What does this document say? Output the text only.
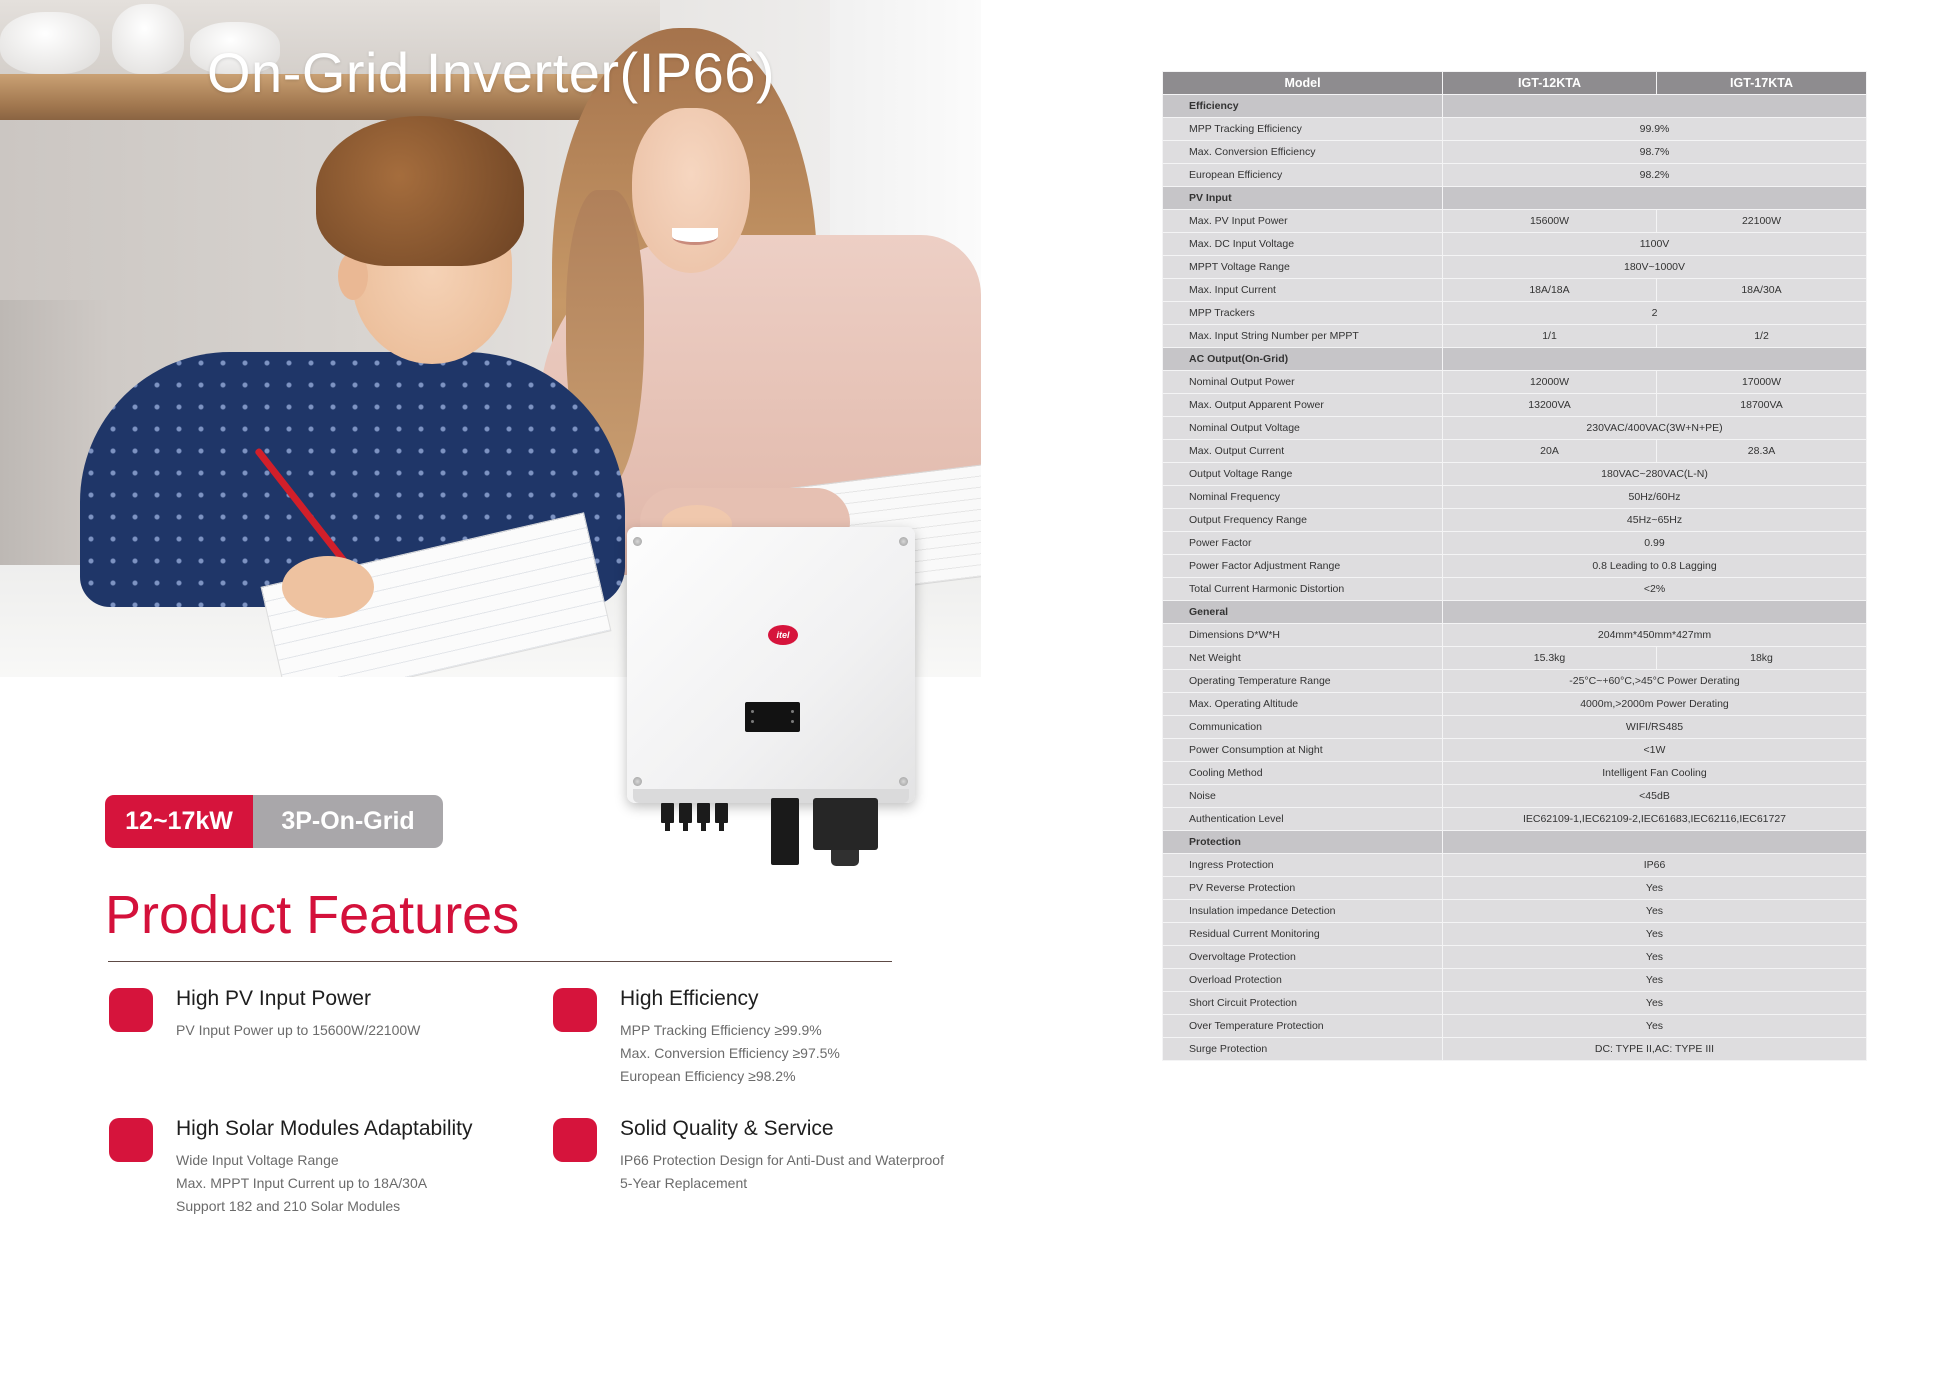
On-Grid Inverter(IP66)
itel
12~17kW	3P-On-Grid
Product Features
High PV Input Power
PV Input Power up to 15600W/22100W
High Efficiency
MPP Tracking Efficiency ≥99.9%
Max. Conversion Efficiency ≥97.5%
European Efficiency ≥98.2%
High Solar Modules Adaptability
Wide Input Voltage Range
Max. MPPT Input Current up to 18A/30A
Support 182 and 210 Solar Modules
Solid Quality & Service
IP66 Protection Design for Anti-Dust and Waterproof
5-Year Replacement
Model	IGT-12KTA	IGT-17KTA
Efficiency		
MPP Tracking Efficiency	99.9%	
Max. Conversion Efficiency	98.7%	
European Efficiency	98.2%	
PV Input		
Max. PV Input Power	15600W	22100W
Max. DC Input Voltage	1100V	
MPPT Voltage Range	180V~1000V	
Max. Input Current	18A/18A	18A/30A
MPP Trackers	2	
Max. Input String Number per MPPT	1/1	1/2
AC Output(On-Grid)		
Nominal Output Power	12000W	17000W
Max. Output Apparent Power	13200VA	18700VA
Nominal Output Voltage	230VAC/400VAC(3W+N+PE)	
Max. Output Current	20A	28.3A
Output Voltage Range	180VAC~280VAC(L-N)	
Nominal Frequency	50Hz/60Hz	
Output Frequency Range	45Hz~65Hz	
Power Factor	0.99	
Power Factor Adjustment Range	0.8 Leading to 0.8 Lagging	
Total Current Harmonic Distortion	<2%	
General		
Dimensions D*W*H	204mm*450mm*427mm	
Net Weight	15.3kg	18kg
Operating Temperature Range	-25°C~+60°C,>45°C Power Derating	
Max. Operating Altitude	4000m,>2000m Power Derating	
Communication	WIFI/RS485	
Power Consumption at Night	<1W	
Cooling Method	Intelligent Fan Cooling	
Noise	<45dB	
Authentication Level	IEC62109-1,IEC62109-2,IEC61683,IEC62116,IEC61727	
Protection		
Ingress Protection	IP66	
PV Reverse Protection	Yes	
Insulation impedance Detection	Yes	
Residual Current Monitoring	Yes	
Overvoltage Protection	Yes	
Overload Protection	Yes	
Short Circuit Protection	Yes	
Over Temperature Protection	Yes	
Surge Protection	DC: TYPE II,AC: TYPE III	
